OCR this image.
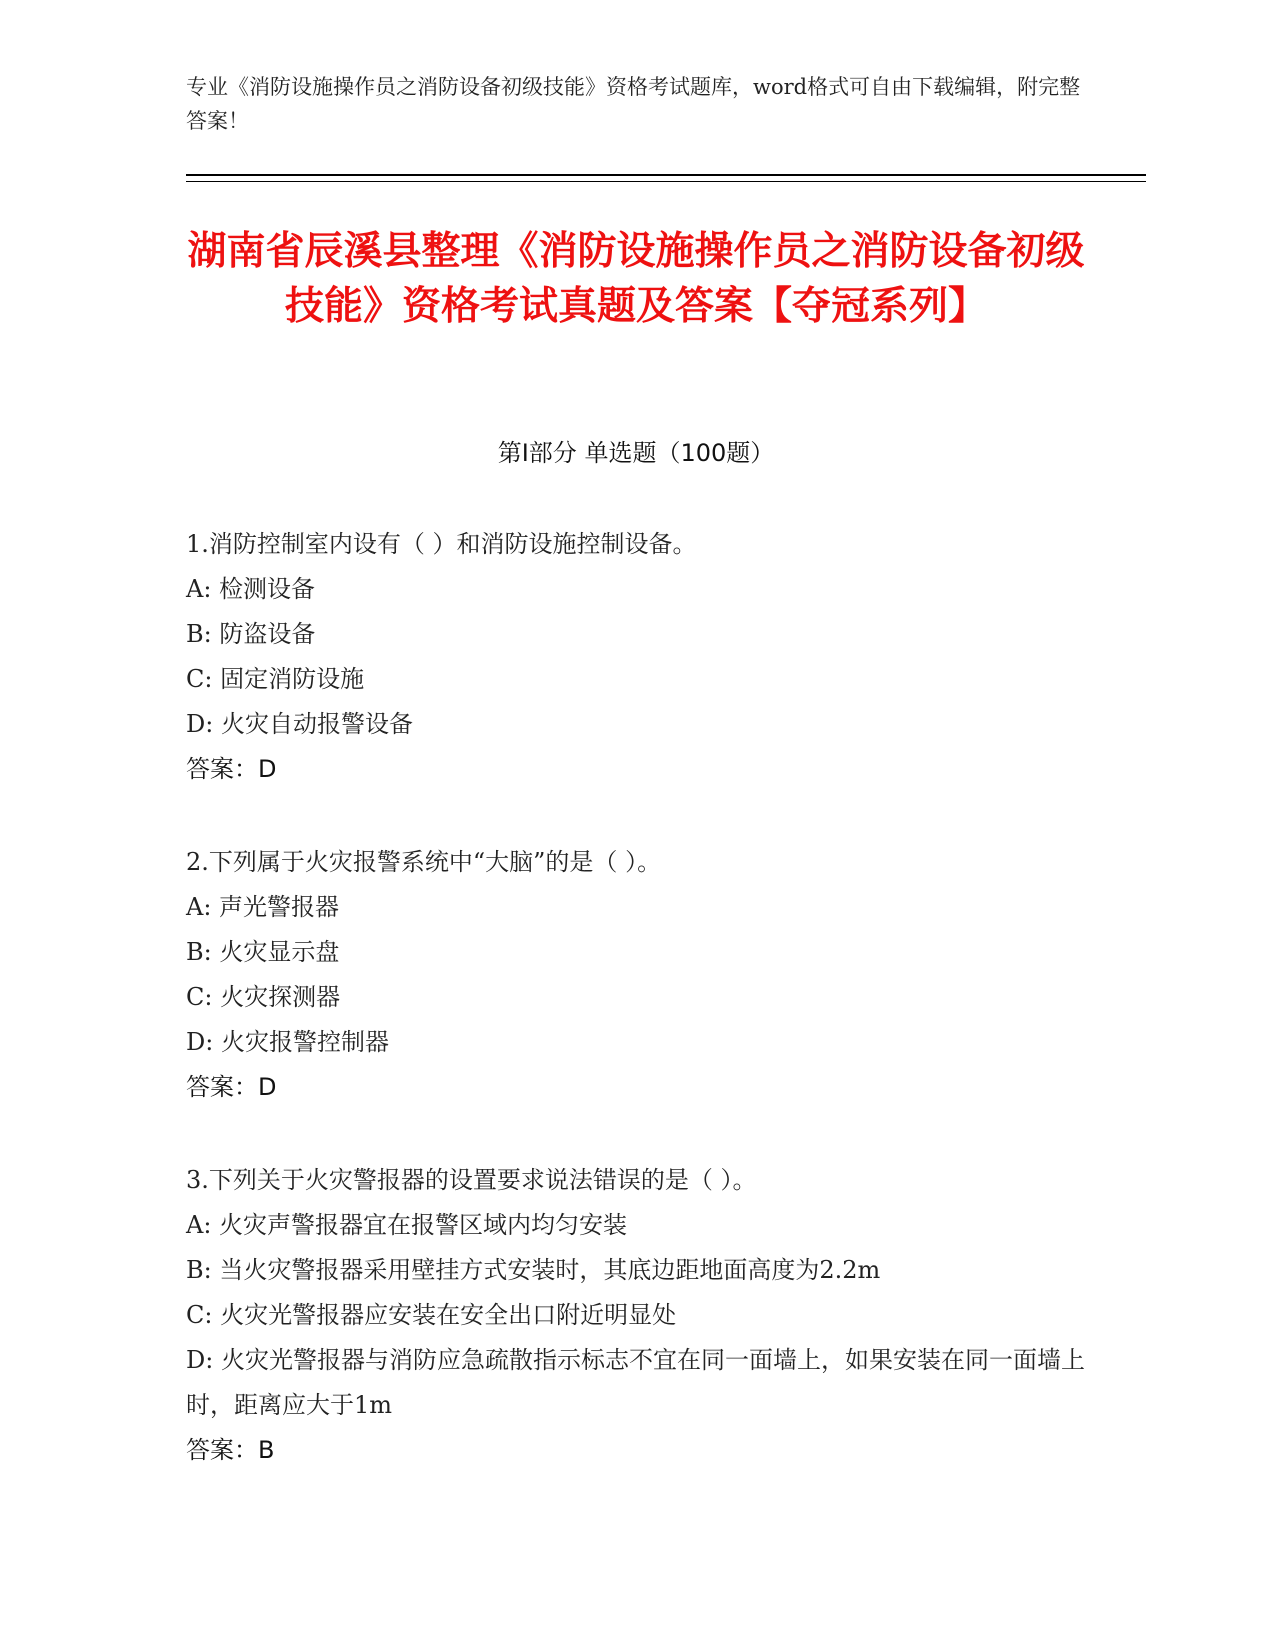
专业《消防设施操作员之消防设备初级技能》资格考试题库，word格式可自由下载编辑，附完整答案！
湖南省辰溪县整理《消防设施操作员之消防设备初级技能》资格考试真题及答案【夺冠系列】
第Ⅰ部分 单选题（100题）
1.消防控制室内设有（ ）和消防设施控制设备。
A: 检测设备
B: 防盗设备
C: 固定消防设施
D: 火灾自动报警设备
答案：D
2.下列属于火灾报警系统中“大脑”的是（ ）。
A: 声光警报器
B: 火灾显示盘
C: 火灾探测器
D: 火灾报警控制器
答案：D
3.下列关于火灾警报器的设置要求说法错误的是（ ）。
A: 火灾声警报器宜在报警区域内均匀安装
B: 当火灾警报器采用壁挂方式安装时，其底边距地面高度为2.2m
C: 火灾光警报器应安装在安全出口附近明显处
D: 火灾光警报器与消防应急疏散指示标志不宜在同一面墙上，如果安装在同一面墙上时，距离应大于1m
答案：B
